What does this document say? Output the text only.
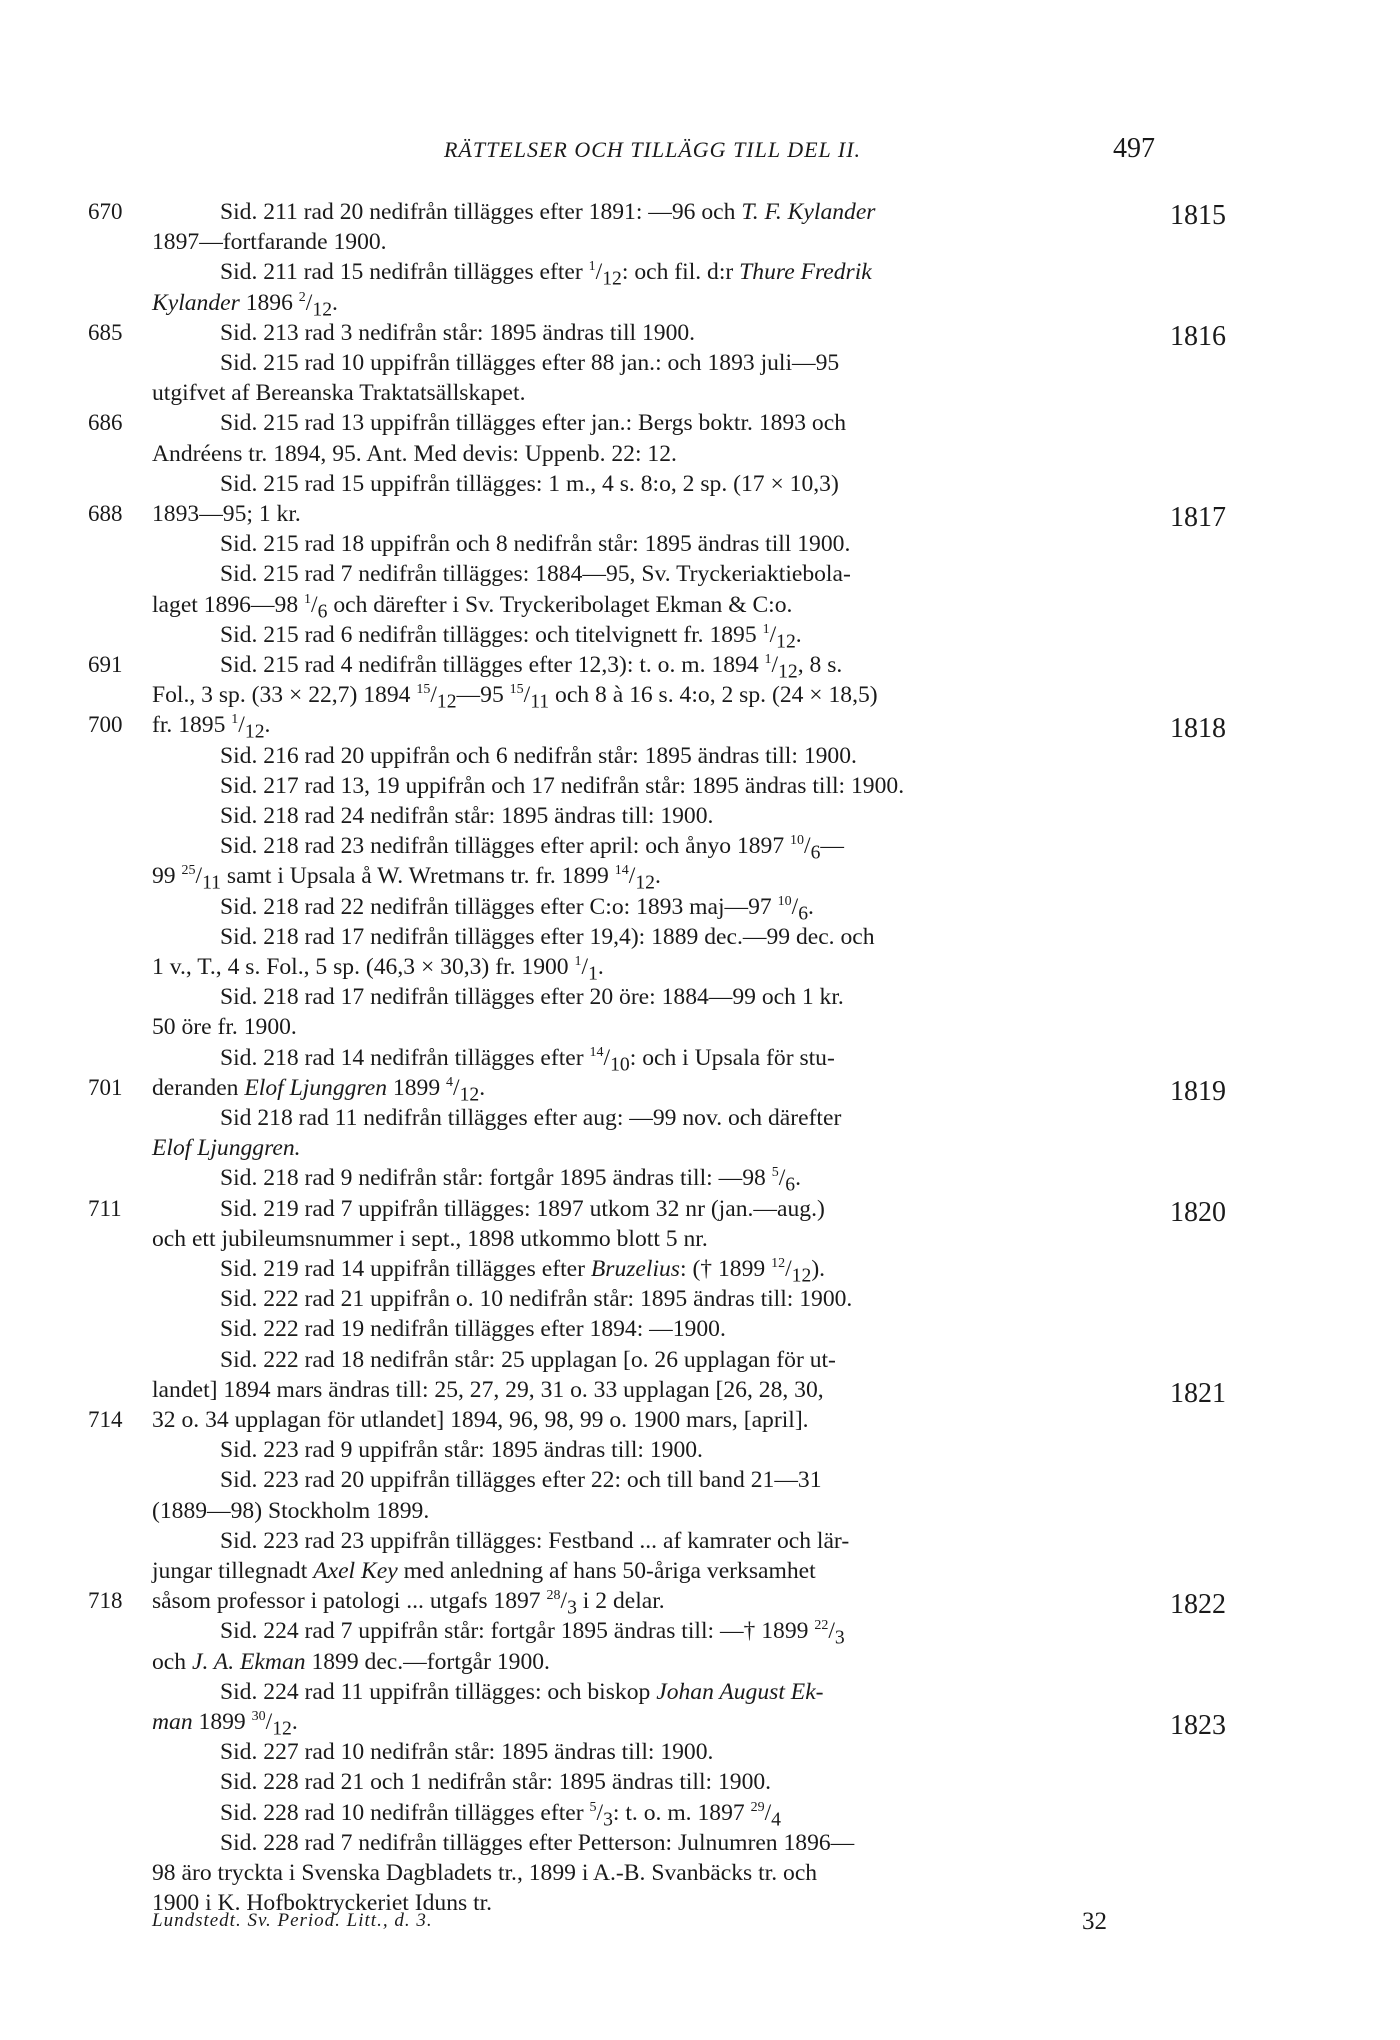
RÄTTELSER OCH TILLÄGG TILL DEL II.	497
Sid. 211 rad 20 nedifrån tillägges efter 1891: —96 och T. F. Kylander
1897—fortfarande 1900.
Sid. 211 rad 15 nedifrån tillägges efter $^1/_{12}$: och fil. d:r Thure Fredrik
Kylander 1896 $^2/_{12}$.
Sid. 213 rad 3 nedifrån står: 1895 ändras till 1900.
Sid. 215 rad 10 uppifrån tillägges efter 88 jan.: och 1893 juli—95
utgifvet af Bereanska Traktatsällskapet.
Sid. 215 rad 13 uppifrån tillägges efter jan.: Bergs boktr. 1893 och
Andréens tr. 1894, 95. Ant. Med devis: Uppenb. 22: 12.
Sid. 215 rad 15 uppifrån tillägges: 1 m., 4 s. 8:o, 2 sp. (17 × 10,3)
1893—95; 1 kr.
Sid. 215 rad 18 uppifrån och 8 nedifrån står: 1895 ändras till 1900.
Sid. 215 rad 7 nedifrån tillägges: 1884—95, Sv. Tryckeriaktiebola-
laget 1896—98 $^1/_6$ och därefter i Sv. Tryckeribolaget Ekman & C:o.
Sid. 215 rad 6 nedifrån tillägges: och titelvignett fr. 1895 $^1/_{12}$.
Sid. 215 rad 4 nedifrån tillägges efter 12,3): t. o. m. 1894 $^1/_{12}$, 8 s.
Fol., 3 sp. (33 × 22,7) 1894 $^{15}/_{12}—95$ $^{15}/_{11}$ och 8 à 16 s. 4:o, 2 sp. (24 × 18,5)
fr. 1895 $^1/_{12}$.
Sid. 216 rad 20 uppifrån och 6 nedifrån står: 1895 ändras till: 1900.
Sid. 217 rad 13, 19 uppifrån och 17 nedifrån står: 1895 ändras till: 1900.
Sid. 218 rad 24 nedifrån står: 1895 ändras till: 1900.
Sid. 218 rad 23 nedifrån tillägges efter april: och ånyo 1897 $^{10}/_6—$
99 $^{25}/_{11}$ samt i Upsala å W. Wretmans tr. fr. 1899 $^{14}/_{12}$.
Sid. 218 rad 22 nedifrån tillägges efter C:o: 1893 maj—97 $^{10}/_6$.
Sid. 218 rad 17 nedifrån tillägges efter 19,4): 1889 dec.—99 dec. och
1 v., T., 4 s. Fol., 5 sp. (46,3 × 30,3) fr. 1900 $^1/_1$.
Sid. 218 rad 17 nedifrån tillägges efter 20 öre: 1884—99 och 1 kr.
50 öre fr. 1900.
Sid. 218 rad 14 nedifrån tillägges efter $^{14}/_{10}$: och i Upsala för stu-
deranden Elof Ljunggren 1899 $^4/_{12}$.
Sid 218 rad 11 nedifrån tillägges efter aug: —99 nov. och därefter
Elof Ljunggren.
Sid. 218 rad 9 nedifrån står: fortgår 1895 ändras till: —98 $^5/_6$.
Sid. 219 rad 7 uppifrån tillägges: 1897 utkom 32 nr (jan.—aug.)
och ett jubileumsnummer i sept., 1898 utkommo blott 5 nr.
Sid. 219 rad 14 uppifrån tillägges efter Bruzelius: († 1899 $^{12}/_{12}$).
Sid. 222 rad 21 uppifrån o. 10 nedifrån står: 1895 ändras till: 1900.
Sid. 222 rad 19 nedifrån tillägges efter 1894: —1900.
Sid. 222 rad 18 nedifrån står: 25 upplagan [o. 26 upplagan för ut-
landet] 1894 mars ändras till: 25, 27, 29, 31 o. 33 upplagan [26, 28, 30,
32 o. 34 upplagan för utlandet] 1894, 96, 98, 99 o. 1900 mars, [april].
Sid. 223 rad 9 uppifrån står: 1895 ändras till: 1900.
Sid. 223 rad 20 uppifrån tillägges efter 22: och till band 21—31
(1889—98) Stockholm 1899.
Sid. 223 rad 23 uppifrån tillägges: Festband ... af kamrater och lär-
jungar tillegnadt Axel Key med anledning af hans 50-åriga verksamhet
såsom professor i patologi ... utgafs 1897 $^{28}/_3$ i 2 delar.
Sid. 224 rad 7 uppifrån står: fortgår 1895 ändras till: —† 1899 $^{22}/_3$
och J. A. Ekman 1899 dec.—fortgår 1900.
Sid. 224 rad 11 uppifrån tillägges: och biskop Johan August Ek-
man 1899 $^{30}/_{12}$.
Sid. 227 rad 10 nedifrån står: 1895 ändras till: 1900.
Sid. 228 rad 21 och 1 nedifrån står: 1895 ändras till: 1900.
Sid. 228 rad 10 nedifrån tillägges efter $^5/_3$: t. o. m. 1897 $^{29}/_4$
Sid. 228 rad 7 nedifrån tillägges efter Petterson: Julnumren 1896—
98 äro tryckta i Svenska Dagbladets tr., 1899 i A.-B. Svanbäcks tr. och
1900 i K. Hofboktryckeriet Iduns tr.
670
685
686
688
691
700
701
711
714
718
1815
1816
1817
1818
1819
1820
1821
1822
1823
Lundstedt. Sv. Period. Litt., d. 3.	32
